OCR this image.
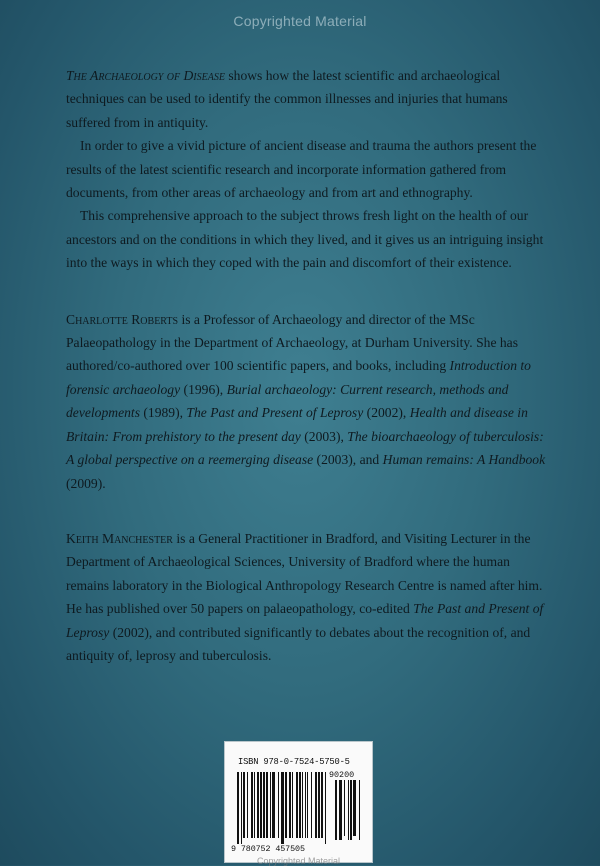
Copyrighted Material

The Archaeology of Disease shows how the latest scientific and archaeological techniques can be used to identify the common illnesses and injuries that humans suffered from in antiquity.

In order to give a vivid picture of ancient disease and trauma the authors present the results of the latest scientific research and incorporate information gathered from documents, from other areas of archaeology and from art and ethnography.

This comprehensive approach to the subject throws fresh light on the health of our ancestors and on the conditions in which they lived, and it gives us an intriguing insight into the ways in which they coped with the pain and discomfort of their existence.

Charlotte Roberts is a Professor of Archaeology and director of the MSc Palaeopathology in the Department of Archaeology, at Durham University. She has authored/co-authored over 100 scientific papers, and books, including Introduction to forensic archaeology (1996), Burial archaeology: Current research, methods and developments (1989), The Past and Present of Leprosy (2002), Health and disease in Britain: From prehistory to the present day (2003), The bioarchaeology of tuberculosis: A global perspective on a reemerging disease (2003), and Human remains: A Handbook (2009).

Keith Manchester is a General Practitioner in Bradford, and Visiting Lecturer in the Department of Archaeological Sciences, University of Bradford where the human remains laboratory in the Biological Anthropology Research Centre is named after him. He has published over 50 papers on palaeopathology, co-edited The Past and Present of Leprosy (2002), and contributed significantly to debates about the recognition of, and antiquity of, leprosy and tuberculosis.

ISBN 978-0-7524-5750-5
90200
9 780752 457505
Copyrighted Material
